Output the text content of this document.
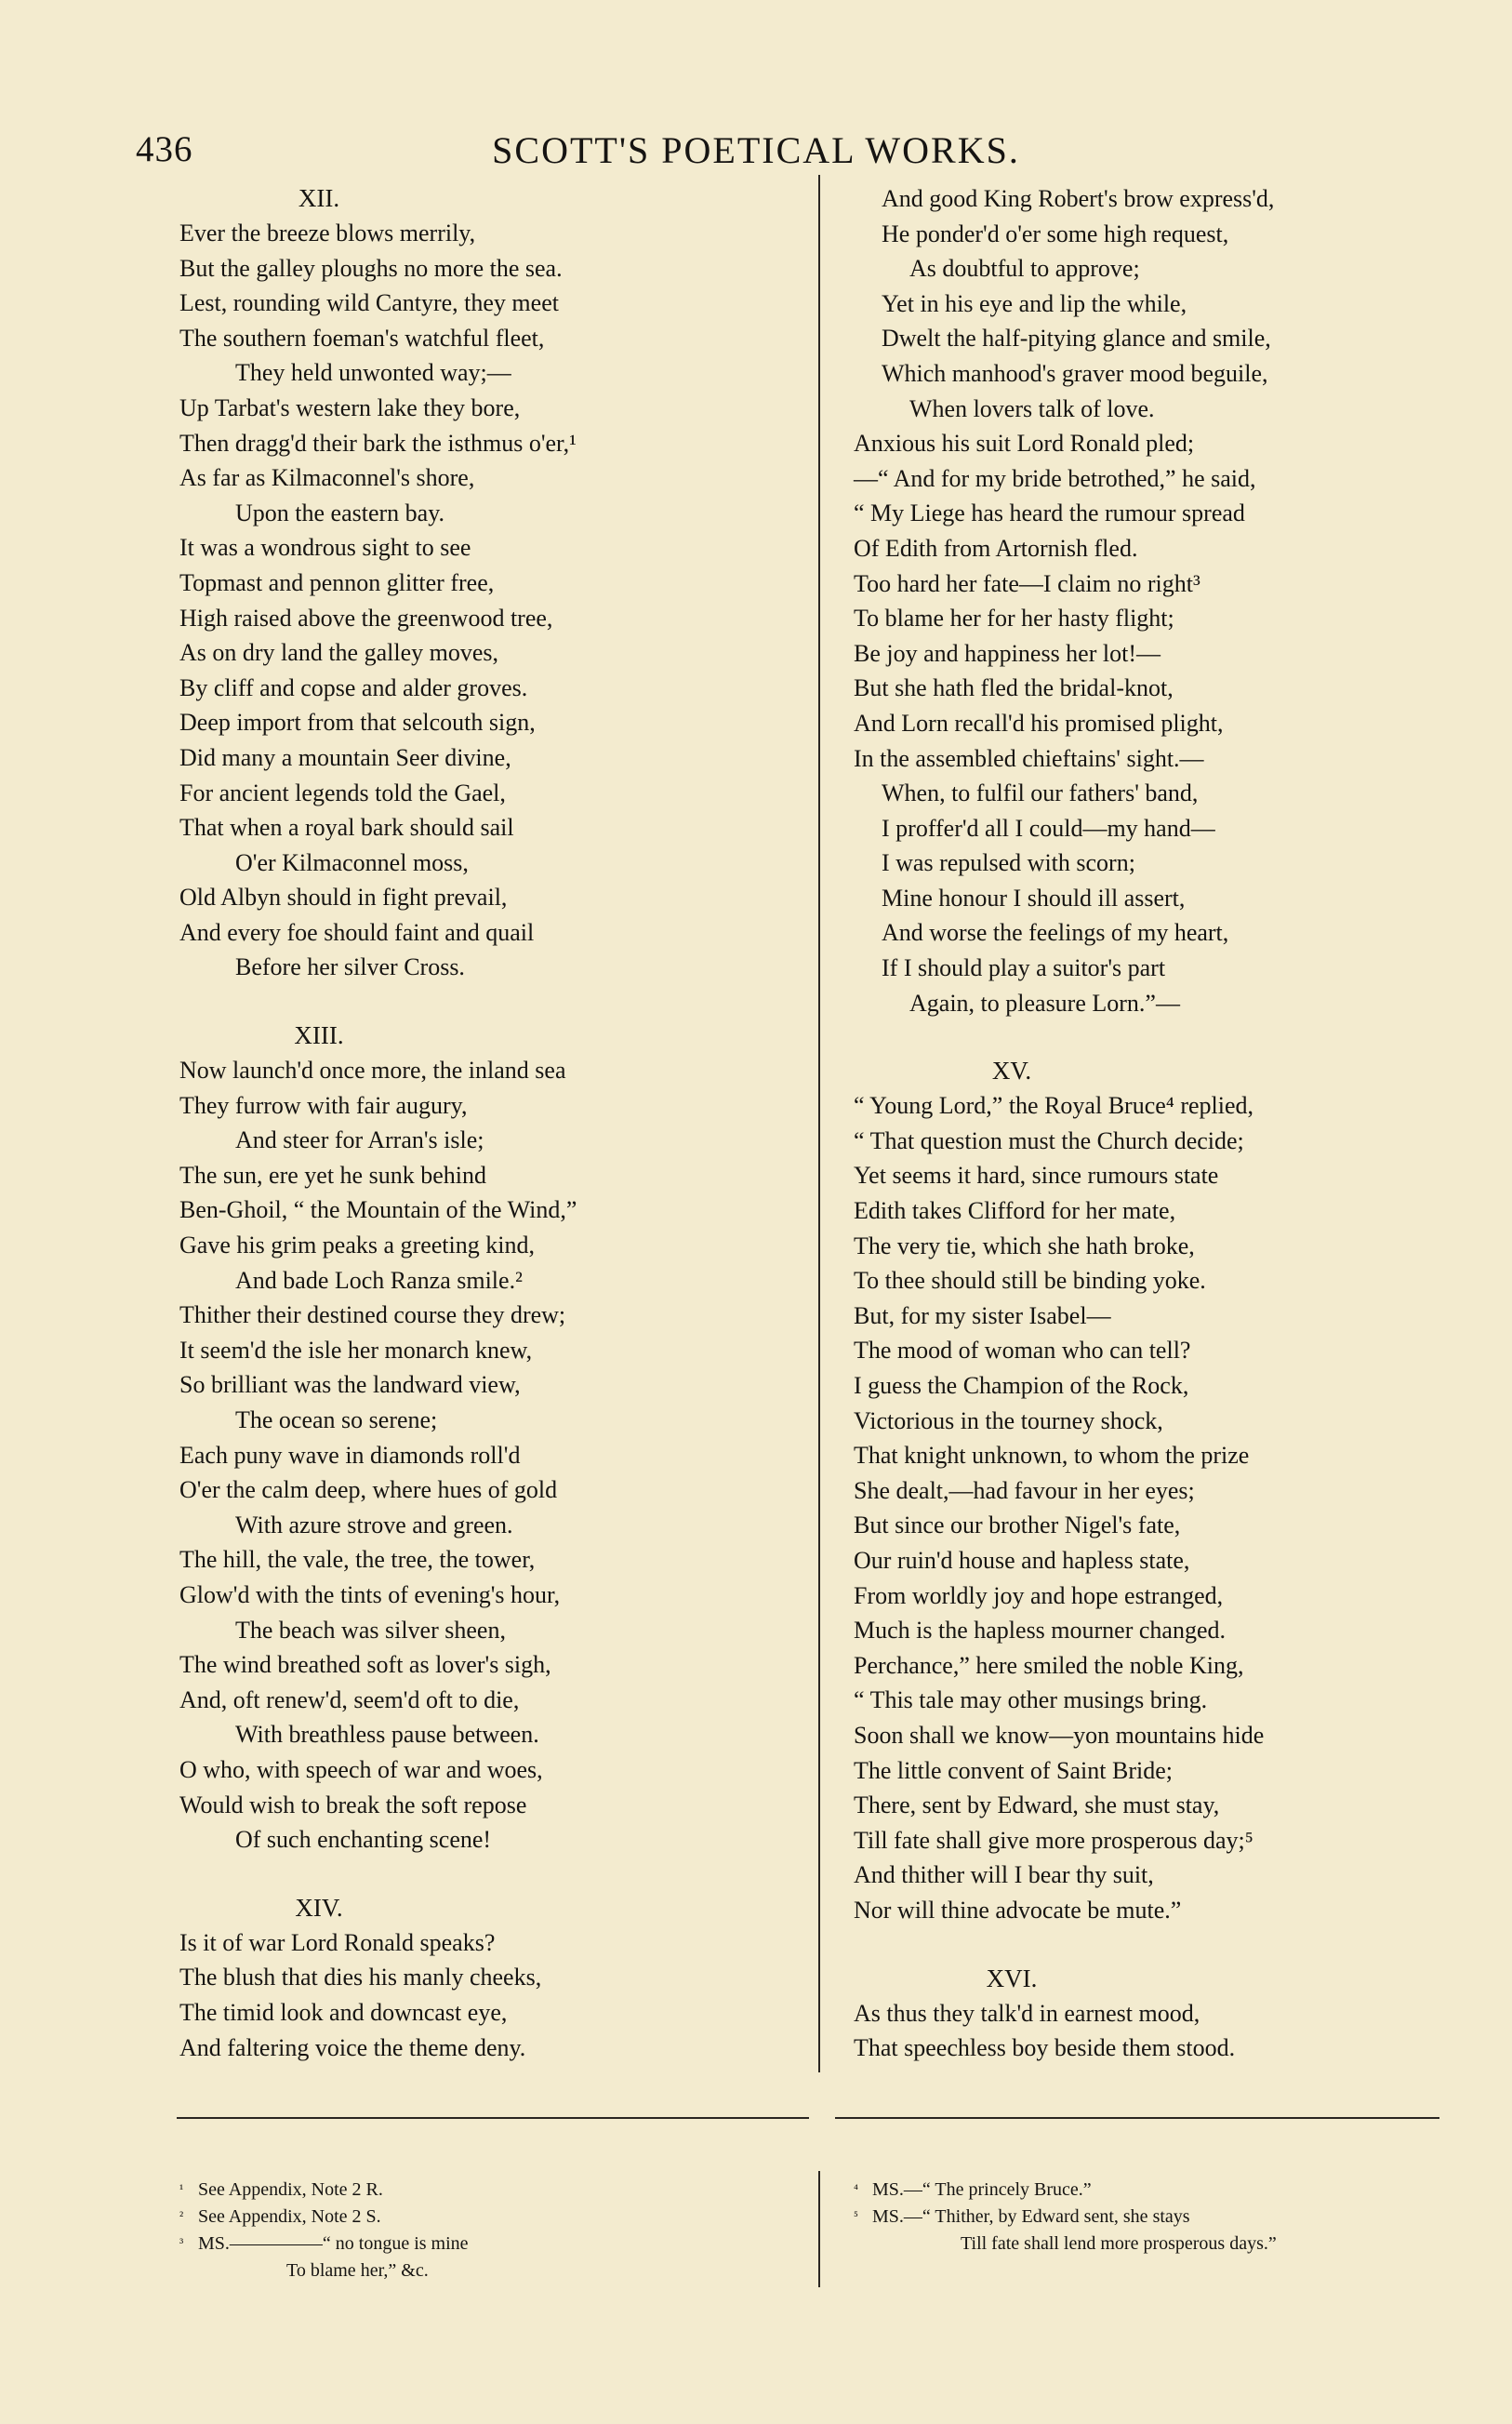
436	SCOTT'S POETICAL WORKS.
XII.
Ever the breeze blows merrily,
But the galley ploughs no more the sea.
Lest, rounding wild Cantyre, they meet
The southern foeman's watchful fleet,
They held unwonted way;—
Up Tarbat's western lake they bore,
Then dragg'd their bark the isthmus o'er,¹
As far as Kilmaconnel's shore,
Upon the eastern bay.
It was a wondrous sight to see
Topmast and pennon glitter free,
High raised above the greenwood tree,
As on dry land the galley moves,
By cliff and copse and alder groves.
Deep import from that selcouth sign,
Did many a mountain Seer divine,
For ancient legends told the Gael,
That when a royal bark should sail
O'er Kilmaconnel moss,
Old Albyn should in fight prevail,
And every foe should faint and quail
Before her silver Cross.
XIII.
Now launch'd once more, the inland sea
They furrow with fair augury,
And steer for Arran's isle;
The sun, ere yet he sunk behind
Ben-Ghoil, “ the Mountain of the Wind,”
Gave his grim peaks a greeting kind,
And bade Loch Ranza smile.²
Thither their destined course they drew;
It seem'd the isle her monarch knew,
So brilliant was the landward view,
The ocean so serene;
Each puny wave in diamonds roll'd
O'er the calm deep, where hues of gold
With azure strove and green.
The hill, the vale, the tree, the tower,
Glow'd with the tints of evening's hour,
The beach was silver sheen,
The wind breathed soft as lover's sigh,
And, oft renew'd, seem'd oft to die,
With breathless pause between.
O who, with speech of war and woes,
Would wish to break the soft repose
Of such enchanting scene!
XIV.
Is it of war Lord Ronald speaks?
The blush that dies his manly cheeks,
The timid look and downcast eye,
And faltering voice the theme deny.
And good King Robert's brow express'd,
He ponder'd o'er some high request,
As doubtful to approve;
Yet in his eye and lip the while,
Dwelt the half-pitying glance and smile,
Which manhood's graver mood beguile,
When lovers talk of love.
Anxious his suit Lord Ronald pled;
—“ And for my bride betrothed,” he said,
“ My Liege has heard the rumour spread
Of Edith from Artornish fled.
Too hard her fate—I claim no right³
To blame her for her hasty flight;
Be joy and happiness her lot!—
But she hath fled the bridal-knot,
And Lorn recall'd his promised plight,
In the assembled chieftains' sight.—
When, to fulfil our fathers' band,
I proffer'd all I could—my hand—
I was repulsed with scorn;
Mine honour I should ill assert,
And worse the feelings of my heart,
If I should play a suitor's part
Again, to pleasure Lorn.”—
XV.
“ Young Lord,” the Royal Bruce⁴ replied,
“ That question must the Church decide;
Yet seems it hard, since rumours state
Edith takes Clifford for her mate,
The very tie, which she hath broke,
To thee should still be binding yoke.
But, for my sister Isabel—
The mood of woman who can tell?
I guess the Champion of the Rock,
Victorious in the tourney shock,
That knight unknown, to whom the prize
She dealt,—had favour in her eyes;
But since our brother Nigel's fate,
Our ruin'd house and hapless state,
From worldly joy and hope estranged,
Much is the hapless mourner changed.
Perchance,” here smiled the noble King,
“ This tale may other musings bring.
Soon shall we know—yon mountains hide
The little convent of Saint Bride;
There, sent by Edward, she must stay,
Till fate shall give more prosperous day;⁵
And thither will I bear thy suit,
Nor will thine advocate be mute.”
XVI.
As thus they talk'd in earnest mood,
That speechless boy beside them stood.
¹ See Appendix, Note 2 R.
² See Appendix, Note 2 S.
³ MS.—————“ no tongue is mine
To blame her,” &c.
⁴ MS.—“ The princely Bruce.”
⁵ MS.—“ Thither, by Edward sent, she stays
Till fate shall lend more prosperous days.”
